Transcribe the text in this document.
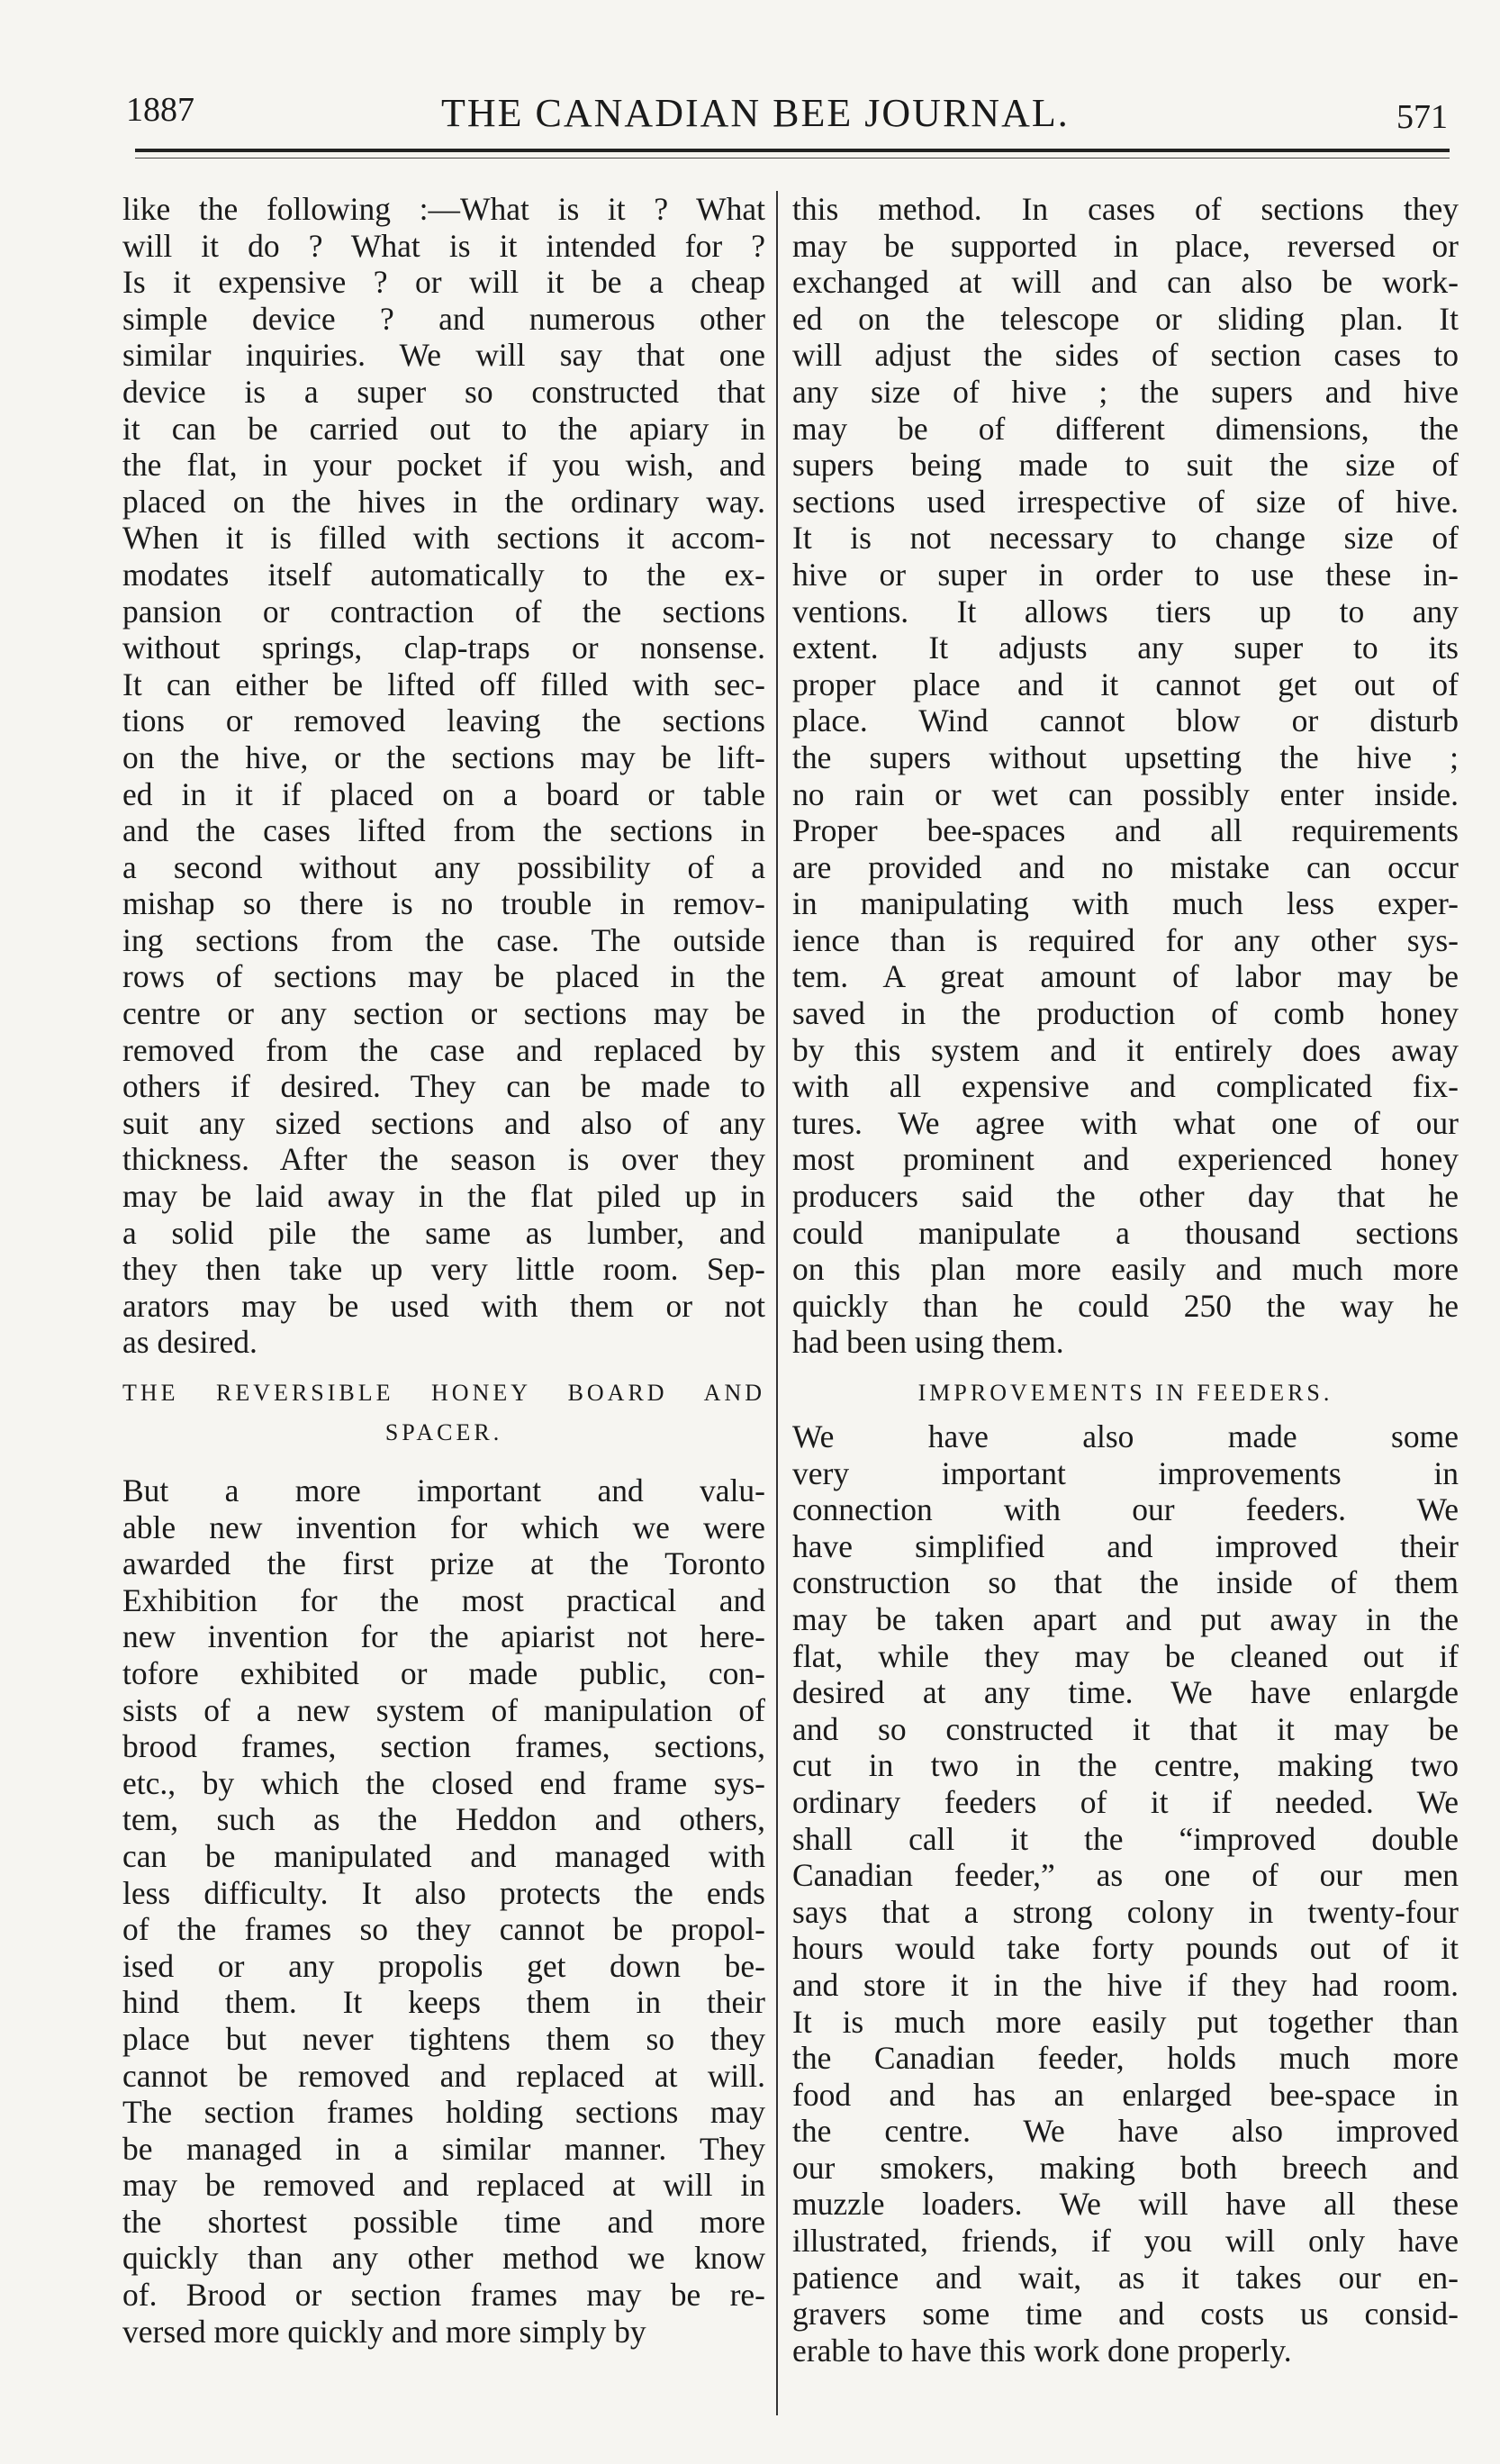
1887	THE CANADIAN BEE JOURNAL.	571
like the following :—What is it ? What
will it do ? What is it intended for ?
Is it expensive ? or will it be a cheap
simple device ? and numerous other
similar inquiries. We will say that one
device is a super so constructed that
it can be carried out to the apiary in
the flat, in your pocket if you wish, and
placed on the hives in the ordinary way.
When it is filled with sections it accom-
modates itself automatically to the ex-
pansion or contraction of the sections
without springs, clap-traps or nonsense.
It can either be lifted off filled with sec-
tions or removed leaving the sections
on the hive, or the sections may be lift-
ed in it if placed on a board or table
and the cases lifted from the sections in
a second without any possibility of a
mishap so there is no trouble in remov-
ing sections from the case. The outside
rows of sections may be placed in the
centre or any section or sections may be
removed from the case and replaced by
others if desired. They can be made to
suit any sized sections and also of any
thickness. After the season is over they
may be laid away in the flat piled up in
a solid pile the same as lumber, and
they then take up very little room. Sep-
arators may be used with them or not
as desired.
THE REVERSIBLE HONEY BOARD AND
SPACER.
But a more important and valu-
able new invention for which we were
awarded the first prize at the Toronto
Exhibition for the most practical and
new invention for the apiarist not here-
tofore exhibited or made public, con-
sists of a new system of manipulation of
brood frames, section frames, sections,
etc., by which the closed end frame sys-
tem, such as the Heddon and others,
can be manipulated and managed with
less difficulty. It also protects the ends
of the frames so they cannot be propol-
ised or any propolis get down be-
hind them. It keeps them in their
place but never tightens them so they
cannot be removed and replaced at will.
The section frames holding sections may
be managed in a similar manner. They
may be removed and replaced at will in
the shortest possible time and more
quickly than any other method we know
of. Brood or section frames may be re-
versed more quickly and more simply by
this method. In cases of sections they
may be supported in place, reversed or
exchanged at will and can also be work-
ed on the telescope or sliding plan. It
will adjust the sides of section cases to
any size of hive ; the supers and hive
may be of different dimensions, the
supers being made to suit the size of
sections used irrespective of size of hive.
It is not necessary to change size of
hive or super in order to use these in-
ventions. It allows tiers up to any
extent. It adjusts any super to its
proper place and it cannot get out of
place. Wind cannot blow or disturb
the supers without upsetting the hive ;
no rain or wet can possibly enter inside.
Proper bee-spaces and all requirements
are provided and no mistake can occur
in manipulating with much less exper-
ience than is required for any other sys-
tem. A great amount of labor may be
saved in the production of comb honey
by this system and it entirely does away
with all expensive and complicated fix-
tures. We agree with what one of our
most prominent and experienced honey
producers said the other day that he
could manipulate a thousand sections
on this plan more easily and much more
quickly than he could 250 the way he
had been using them.
IMPROVEMENTS IN FEEDERS.
We have also made some
very important improvements in
connection with our feeders. We
have simplified and improved their
construction so that the inside of them
may be taken apart and put away in the
flat, while they may be cleaned out if
desired at any time. We have enlargde
and so constructed it that it may be
cut in two in the centre, making two
ordinary feeders of it if needed. We
shall call it the “improved double
Canadian feeder,” as one of our men
says that a strong colony in twenty-four
hours would take forty pounds out of it
and store it in the hive if they had room.
It is much more easily put together than
the Canadian feeder, holds much more
food and has an enlarged bee-space in
the centre. We have also improved
our smokers, making both breech and
muzzle loaders. We will have all these
illustrated, friends, if you will only have
patience and wait, as it takes our en-
gravers some time and costs us consid-
erable to have this work done properly.
